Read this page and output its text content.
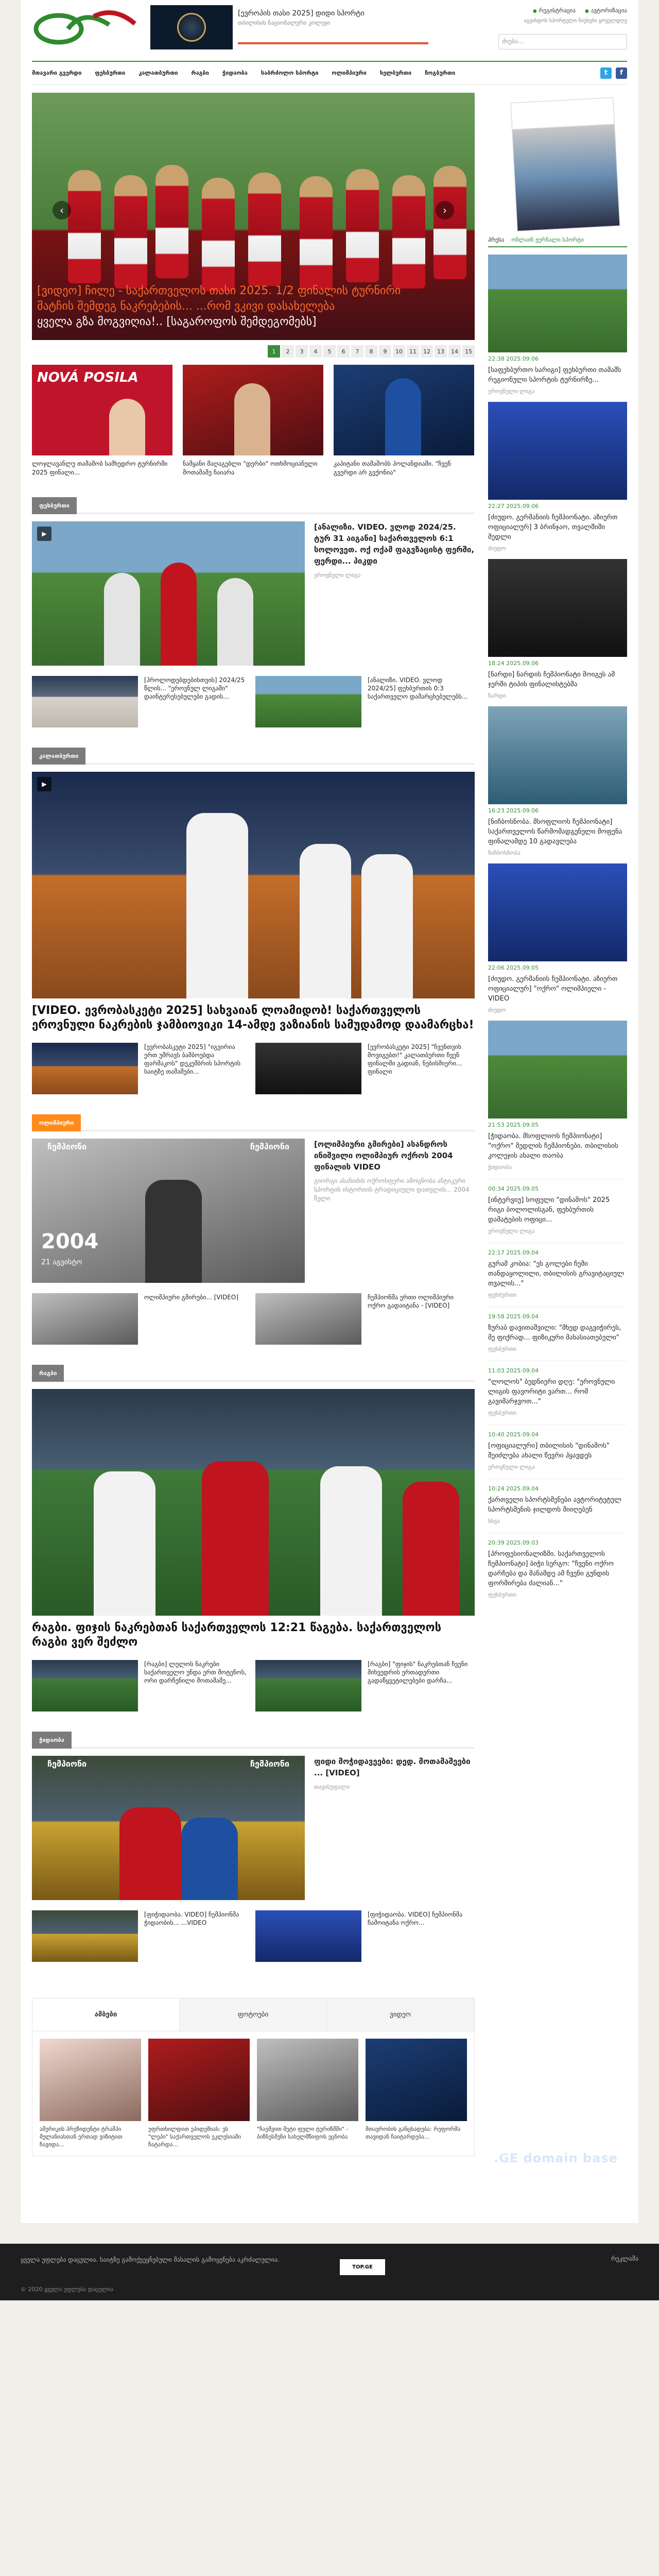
[ევროპის თასი 2025] დიდი სპორტი
თბილისის ნაციონალური კოლეჯი
● რეგისტრაცია
●	ავტორიზაცია
აგვისტოს სპორტული ნიუსები ყოველდღე
ძიება...
მთავარი გვერდი	ფეხბურთი	კალათბურთი	რაგბი	ჭიდაობა	საბრძოლო სპორტი	ოლიმპიური	ხელბურთი	ჩოგბურთი	t	f
‹	›
[ვიდეო] ჩილე - საქართველოს თასი 2025. 1/2 ფინალის ტურნირი
მატჩის შემდეგ ნაკრებების... ...რომ ვკივი დასახელება
ყველა გზა მოგვიღია!.. [საგაროფოს შემდეგომებს]
1	2	3	4	5	6	7	8	9	10	11	12	13	14	15
NOVÁ POSILA
ლოჯლავანლუ თამაშობ სამხედრო ტურნირში 2025 ფინალი...
ნამყანი მაღაგებლი "დერბი" ოთხმოციანელი მოთამაშე ჩაიარა
კაპიტანი თამაშობს ჰოლანდიაში. "ჩვენ გვერდი არ გვქონია"
ფეხბურთი
▶
[ანალიზი. VIDEO. ვლოდ 2024/25. ტურ 31 აიგანი] საქართველოს 6:1 სოლოვეთ. ოქ ოქამ ფაგვზაცისტ ფერში, ფერდი... პიკდი
ეროვნული ლიგა
[ჰროლოდებდებისთვის] 2024/25 წლის... "ეროვნულ ლიგაში" დაინტერესებულები გადის...
[ანალიზი. VIDEO. ვლოდ 2024/25] ფეხბურთის 0:3 საქართველო დამარცხებულებს...
კალათბურთი
▶
[VIDEO. ევრობასკეტი 2025] სახვაიან ლოამიდობ! საქართველოს ეროვნული ნაკრების ჯამბიოვიკი 14-ამდე ვაზიანის სამუდამოდ დაამარცხა!
[ევრობასკეტი 2025] "იგვირია ერთ უმრავს ბამბოებდა ფარმაკოს" დეკემბრის სპორტის საიტზე თამაშები...
[ევრობასკეტი 2025] "ჩვენთვის მოვიგებთ!" კალათბურთი ჩვენ ფინალში გადიან, ნებისმიერი... ფინალი
ოლიმპიური
ჩემპიონი	ჩემპიონი
2004
21 აგვისტო
[ოლიმპიური გმირები] ასანდროს ინიშვილი ოლიმპიურ ოქროს 2004 ფინალის VIDEO
გიორგი ასანიძის ოქროსფერი ამოცნობა ანტიკური სპორტის ისტორიის ტრადიციული დათვლის... 2004 წელი
ოლიმპიური გმირები... [VIDEO]	ჩემპიონმა ერთი ოლიმპიური ოქრო გადაიტანა - [VIDEO]
რაგბი
რაგბი. ფიჯის ნაკრებთან საქართველოს 12:21 წაგება. საქართველოს რაგბი ვერ შეძლო
[რაგბი] ლელოს ნაკრები საქართველო უნდა ერთ მოტენოს, ორი დარჩენილი მოთამაშე...
[რაგბი] "ფიჯის" ნაკრებთან ჩვენი მიხვედრის ერთადერთი გადაწყვეტილებები დარჩა...
ჭიდაობა
ჩემპიონი	ჩემპიონი	ფიდი მოჭიდავეები: დედ. მოთამაშეები ... [VIDEO]
თავისუფალი
[ფიჭიდაობა. VIDEO] ჩემპიონმა ჭიდაობის... ...VIDEO
[ფიჭიდაობა. VIDEO] ჩემპიონმა ჩამოიტანა ოქრო...
ამბები	ფოტოები	ვიდეო
ამერიკის პრეზიდენტი ტრამპი მელანიასთან ერთად ვიზიტით ჩავიდა...
უფრთხილდით ეპიდემიას: ეს "ლეპი" საქართველოს ეკლესიაში ჩატარდა...
"ჩაეშვით მეტი ფული ტურიზმში" - ბიზნესმენი სახელმწიფოს ეცნობა
მთავრობის განცხადება: რეფორმა თავიდან ჩაიტარდება...
პრესა ონლაინ ჟურნალი სპორტი
22:38 2025.09.06
[საფეხბურთო სარიგი] ფეხბურთი თამაშს რეგიონული სპორტის ტურნირზე...
ეროვნული ლიგა
22:27 2025.09.06
[ძიუდო. გერმანიის ჩემპიონატი. აზიერთ ოფიციალურ] 3 ბრინჯაო, თვალშიში მედლი
ძიუდო
18:24 2025.09.06
[ნარდი] ნარდის ჩემპიონატი მოიგეს ამ ჯერში ტიპის ფინალისტებმა
ნარდი
16:23 2025.09.06
[ნიჩბოსნობა. მსოფლიოს ჩემპიონატი] საქართველოს წარმომადგენელი მოფენა ფინალამდე 10 გადავლება
ნიჩბოსნობა
22:06 2025.09.05
[ძიუდო. გერმანიის ჩემპიონატი. აზიერთ ოფიციალურ] "ოქრო" ოლიმპიელი - VIDEO
ძიუდო
21:53 2025.09.05
[ჭიდაობა. მსოფლიოს ჩემპიონატი] "ოქრო" მედლის ჩემპიონები. თბილისის კოლეჯის ახალი თაობა
ჭიდაობა
00:34 2025.09.05
[ინტერვიუ] სოფელი "დინამოს" 2025 რიგი ბოლოლისგან, ფეხბურთის დამატების ოფიცი...
ეროვნული ლიგა
22:17 2025.09.04
გურამ კობია: "ეს გოლები ჩემი თანდაყოლილი, თბილისის გრავიტაციულ თვალის..."
ფეხბურთი
19:58 2025.09.04
ზურაბ დავითაშვილი: "მხედ დაგვიჭირეს, მე ფიქრად... ფიზიკური მახასიათებელი"
ფეხბურთი
11:03 2025.09.04
"ლოლოს" ბედნიერი დღე: "ეროვნული ლიგის ფავორიტი ვართ... რომ გავიმარჯვოთ..."
ფეხბურთი
10:40 2025.09.04
[ოფიციალური] თბილისის "დინამოს" შეიძლება ახალი წევრი ჰყავდეს
ეროვნული ლიგა
10:24 2025.09.04
ქართველი სპორტსმენები ავტორიტეტულ სპორტსმენის ჯილდოს მიიღებენ
სხვა
20:39 2025.09.03
[პროფესიონალიზმი. საქართველოს ჩემპიონატი] ბიჭი სერგო: "ჩვენი ოქრო დარჩება და მანამდე ამ ჩვენი გუნდის ფორმირება ძალიან..."
ფეხბურთი
.GE domain base
ყველა უფლება დაცულია. საიტზე გამოქვეყნებული მასალის გამოყენება აკრძალულია.
TOP.GE
რეკლამა
© 2020 ყველა უფლება დაცულია
